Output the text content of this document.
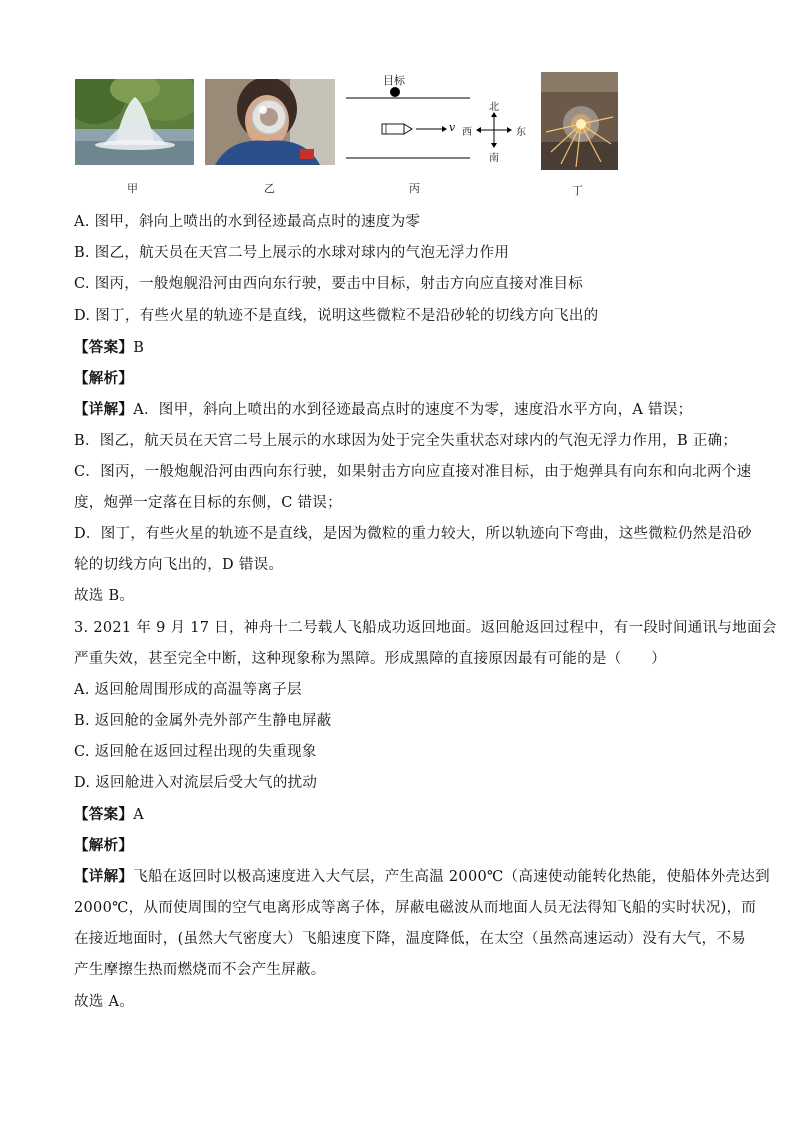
甲	乙
目标
v
北
南
西	东
丙	丁
A. 图甲，斜向上喷出的水到径迹最高点时的速度为零
B. 图乙，航天员在天宫二号上展示的水球对球内的气泡无浮力作用
C. 图丙，一般炮舰沿河由西向东行驶，要击中目标，射击方向应直接对准目标
D. 图丁，有些火星的轨迹不是直线，说明这些微粒不是沿砂轮的切线方向飞出的
【答案】B
【解析】
【详解】A．图甲，斜向上喷出的水到径迹最高点时的速度不为零，速度沿水平方向，A 错误；
B．图乙，航天员在天宫二号上展示的水球因为处于完全失重状态对球内的气泡无浮力作用，B 正确；
C．图丙，一般炮舰沿河由西向东行驶，如果射击方向应直接对准目标，由于炮弹具有向东和向北两个速
度，炮弹一定落在目标的东侧，C 错误；
D．图丁，有些火星的轨迹不是直线，是因为微粒的重力较大，所以轨迹向下弯曲，这些微粒仍然是沿砂
轮的切线方向飞出的，D 错误。
故选 B。
3. 2021 年 9 月 17 日，神舟十二号载人飞船成功返回地面。返回舱返回过程中，有一段时间通讯与地面会
严重失效，甚至完全中断，这种现象称为黑障。形成黑障的直接原因最有可能的是（　　）
A. 返回舱周围形成的高温等离子层
B. 返回舱的金属外壳外部产生静电屏蔽
C. 返回舱在返回过程出现的失重现象
D. 返回舱进入对流层后受大气的扰动
【答案】A
【解析】
【详解】飞船在返回时以极高速度进入大气层，产生高温 2000℃（高速使动能转化热能，使船体外壳达到
2000℃，从而使周围的空气电离形成等离子体，屏蔽电磁波从而地面人员无法得知飞船的实时状况)，而
在接近地面时，(虽然大气密度大）飞船速度下降，温度降低，在太空（虽然高速运动）没有大气，不易
产生摩擦生热而燃烧而不会产生屏蔽。
故选 A。
